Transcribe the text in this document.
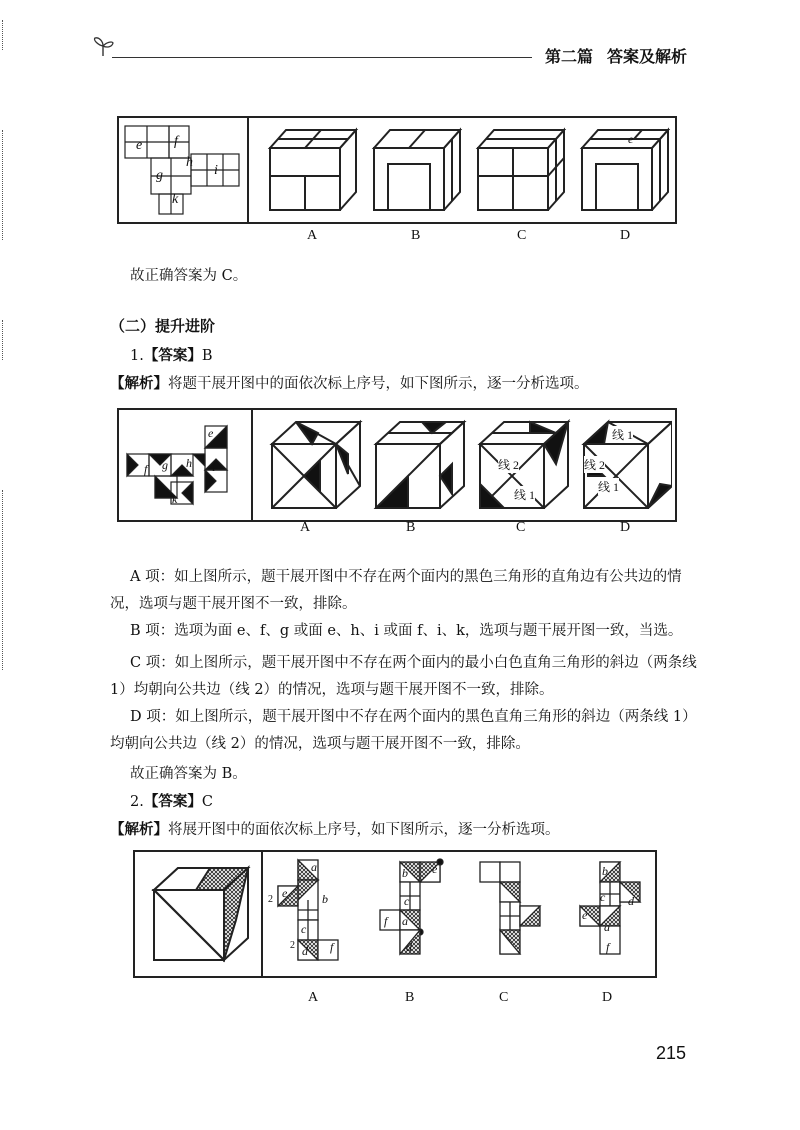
第二篇 答案及解析
e f
g
h
i
k
e
A	B	C	D
故正确答案为 C。
（二）提升进阶
1.【答案】B
【解析】将题干展开图中的面依次标上序号，如下图所示，逐一分析选项。
e
f g h i
k
线 2
线 1
线 1
线 2
线 1
A	B	C	D
A 项：如上图所示，题干展开图中不存在两个面内的黑色三角形的直角边有公共边的情况，选项与题干展开图不一致，排除。
B 项：选项为面 e、f、g 或面 e、h、i 或面 f、i、k，选项与题干展开图一致，当选。
C 项：如上图所示，题干展开图中不存在两个面内的最小白色直角三角形的斜边（两条线 1）均朝向公共边（线 2）的情况，选项与题干展开图不一致，排除。
D 项：如上图所示，题干展开图中不存在两个面内的黑色直角三角形的斜边（两条线 1）均朝向公共边（线 2）的情况，选项与题干展开图不一致，排除。
故正确答案为 B。
2.【答案】C
【解析】将展开图中的面依次标上序号，如下图所示，逐一分析选项。
a
e	b
c
d f
2
2
b e
c
f a
d
b
c d
e
a
f
A	B	C	D
215
